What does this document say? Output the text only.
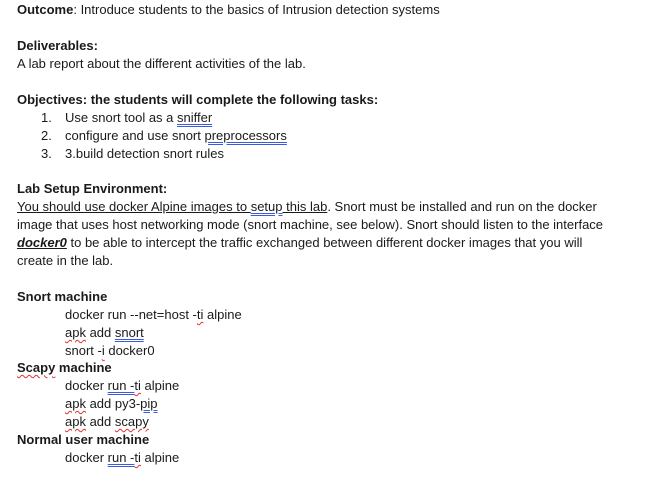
Outcome: Introduce students to the basics of Intrusion detection systems
Deliverables:
A lab report about the different activities of the lab.
Objectives: the students will complete the following tasks:
1. Use snort tool as a sniffer
2. configure and use snort preprocessors
3. 3.build detection snort rules
Lab Setup Environment:
You should use docker Alpine images to setup this lab. Snort must be installed and run on the docker
image that uses host networking mode (snort machine, see below). Snort should listen to the interface
docker0 to be able to intercept the traffic exchanged between different docker images that you will
create in the lab.
Snort machine
docker run --net=host -ti alpine
apk add snort
snort -i docker0
Scapy machine
docker run -ti alpine
apk add py3-pip
apk add scapy
Normal user machine
docker run -ti alpine
